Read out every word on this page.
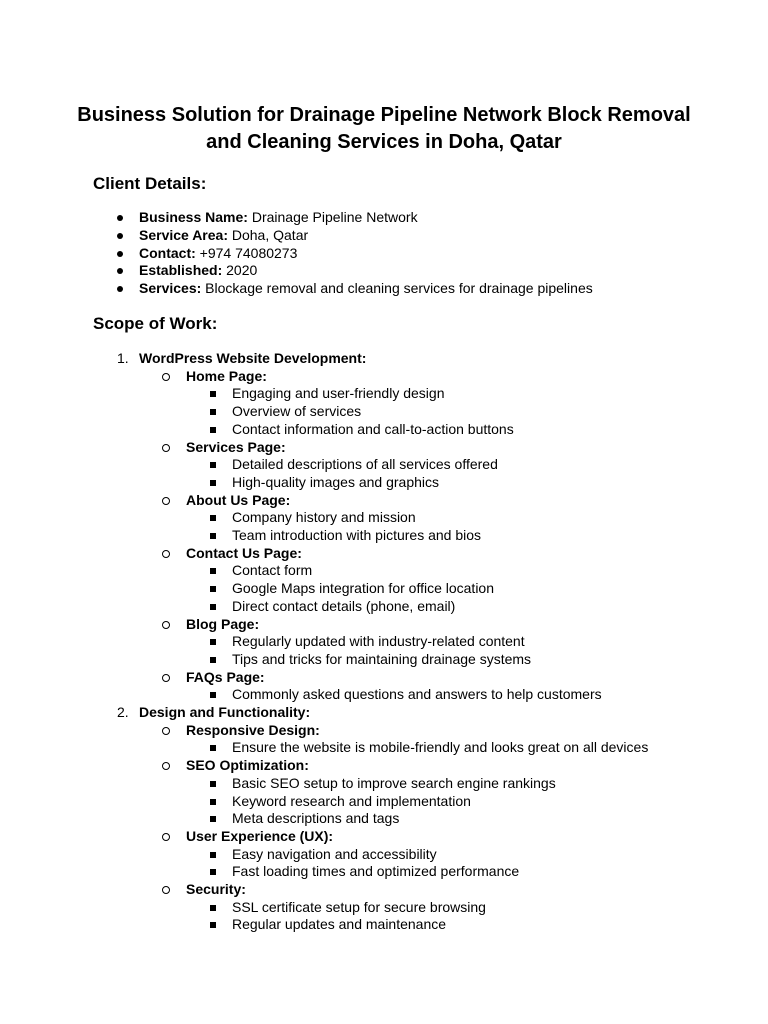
Business Solution for Drainage Pipeline Network Block Removal and Cleaning Services in Doha, Qatar
Client Details:
Business Name: Drainage Pipeline Network
Service Area: Doha, Qatar
Contact: +974 74080273
Established: 2020
Services: Blockage removal and cleaning services for drainage pipelines
Scope of Work:
1. WordPress Website Development:
Home Page:
Engaging and user-friendly design
Overview of services
Contact information and call-to-action buttons
Services Page:
Detailed descriptions of all services offered
High-quality images and graphics
About Us Page:
Company history and mission
Team introduction with pictures and bios
Contact Us Page:
Contact form
Google Maps integration for office location
Direct contact details (phone, email)
Blog Page:
Regularly updated with industry-related content
Tips and tricks for maintaining drainage systems
FAQs Page:
Commonly asked questions and answers to help customers
2. Design and Functionality:
Responsive Design:
Ensure the website is mobile-friendly and looks great on all devices
SEO Optimization:
Basic SEO setup to improve search engine rankings
Keyword research and implementation
Meta descriptions and tags
User Experience (UX):
Easy navigation and accessibility
Fast loading times and optimized performance
Security:
SSL certificate setup for secure browsing
Regular updates and maintenance
